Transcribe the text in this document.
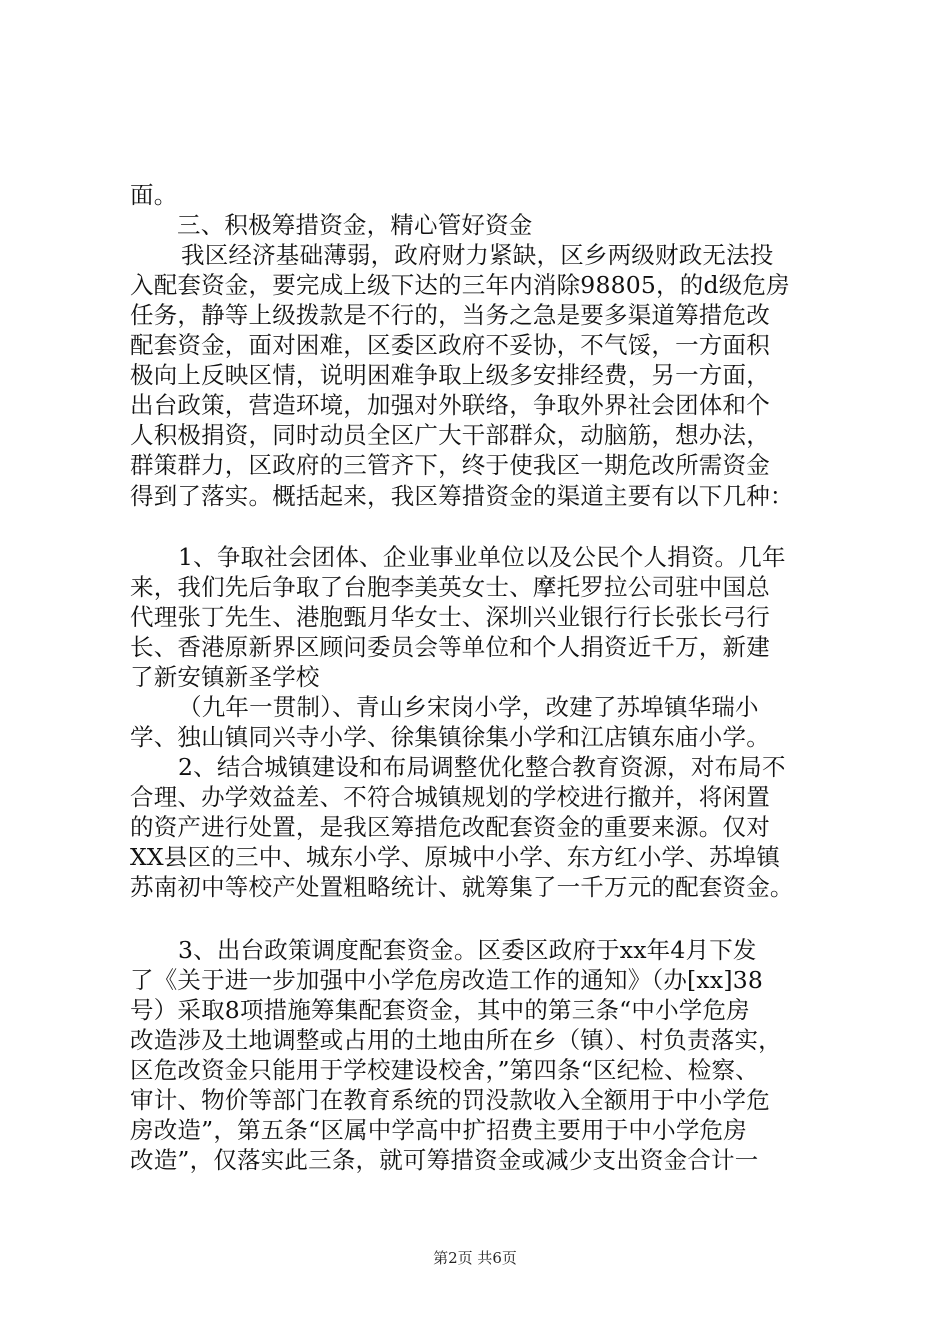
面。
三、积极筹措资金，精心管好资金
我区经济基础薄弱，政府财力紧缺，区乡两级财政无法投
入配套资金，要完成上级下达的三年内消除98805，的d级危房
任务，静等上级拨款是不行的，当务之急是要多渠道筹措危改
配套资金，面对困难，区委区政府不妥协，不气馁，一方面积
极向上反映区情，说明困难争取上级多安排经费，另一方面，
出台政策，营造环境，加强对外联络，争取外界社会团体和个
人积极捐资，同时动员全区广大干部群众，动脑筋，想办法，
群策群力，区政府的三管齐下，终于使我区一期危改所需资金
得到了落实。概括起来，我区筹措资金的渠道主要有以下几种：
1、争取社会团体、企业事业单位以及公民个人捐资。几年
来，我们先后争取了台胞李美英女士、摩托罗拉公司驻中国总
代理张丁先生、港胞甄月华女士、深圳兴业银行行长张长弓行
长、香港原新界区顾问委员会等单位和个人捐资近千万，新建
了新安镇新圣学校
（九年一贯制）、青山乡宋岗小学，改建了苏埠镇华瑞小
学、独山镇同兴寺小学、徐集镇徐集小学和江店镇东庙小学。
2、结合城镇建设和布局调整优化整合教育资源，对布局不
合理、办学效益差、不符合城镇规划的学校进行撤并，将闲置
的资产进行处置，是我区筹措危改配套资金的重要来源。仅对
XX县区的三中、城东小学、原城中小学、东方红小学、苏埠镇
苏南初中等校产处置粗略统计、就筹集了一千万元的配套资金。
3、出台政策调度配套资金。区委区政府于xx年4月下发
了《关于进一步加强中小学危房改造工作的通知》（办[xx]38
号）采取8项措施筹集配套资金，其中的第三条“中小学危房
改造涉及土地调整或占用的土地由所在乡（镇）、村负责落实，
区危改资金只能用于学校建设校舍，”第四条“区纪检、检察、
审计、物价等部门在教育系统的罚没款收入全额用于中小学危
房改造”，第五条“区属中学高中扩招费主要用于中小学危房
改造”，仅落实此三条，就可筹措资金或减少支出资金合计一
第2页 共6页
